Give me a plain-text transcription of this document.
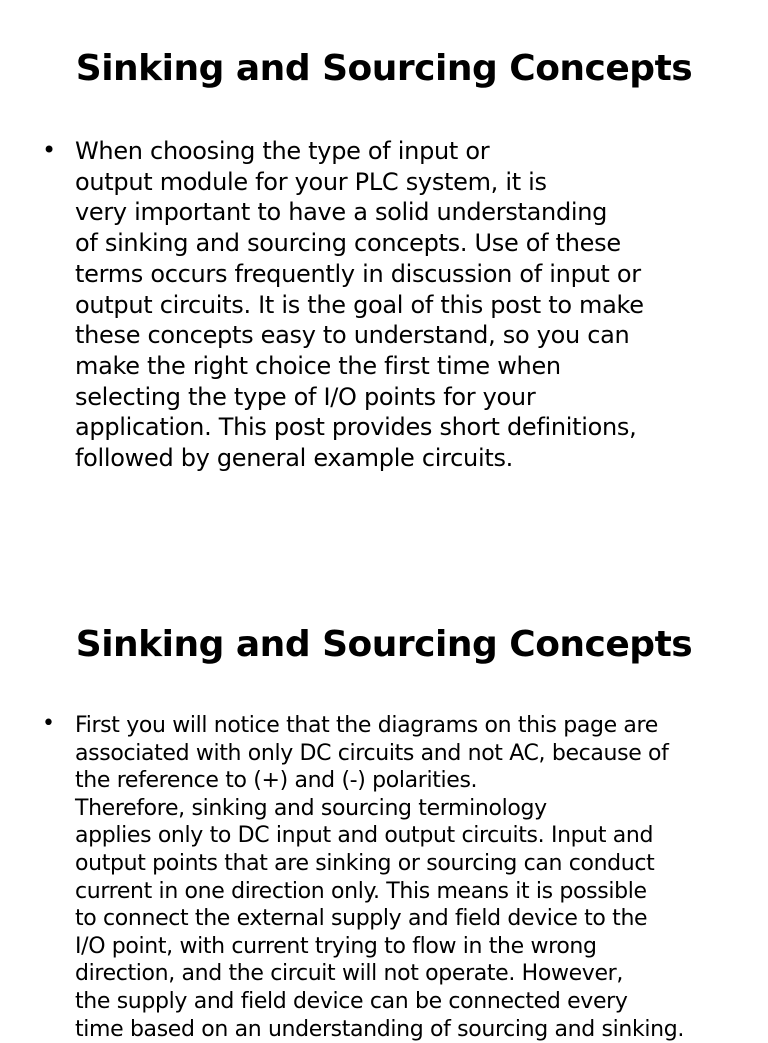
Sinking and Sourcing Concepts
• When choosing the type of input or
output module for your PLC system, it is
very important to have a solid understanding
of sinking and sourcing concepts. Use of these
terms occurs frequently in discussion of input or
output circuits. It is the goal of this post to make
these concepts easy to understand, so you can
make the right choice the first time when
selecting the type of I/O points for your
application. This post provides short definitions,
followed by general example circuits.

Sinking and Sourcing Concepts
• First you will notice that the diagrams on this page are
associated with only DC circuits and not AC, because of
the reference to (+) and (-) polarities.
Therefore, sinking and sourcing terminology
applies only to DC input and output circuits. Input and
output points that are sinking or sourcing can conduct
current in one direction only. This means it is possible
to connect the external supply and field device to the
I/O point, with current trying to flow in the wrong
direction, and the circuit will not operate. However,
the supply and field device can be connected every
time based on an understanding of sourcing and sinking.
